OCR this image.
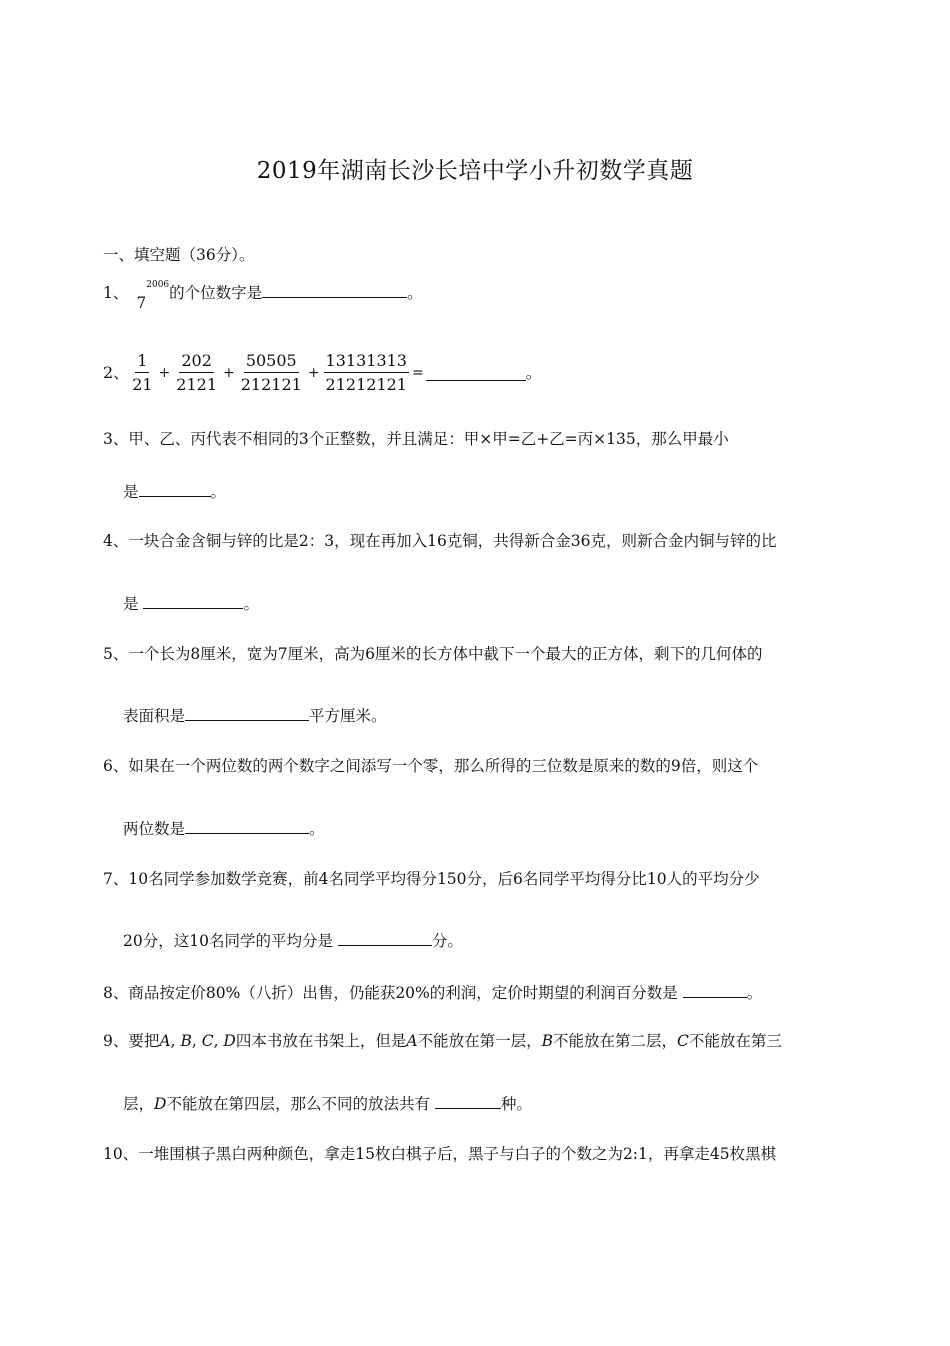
2019年湖南长沙长培中学小升初数学真题
一、填空题（36分）。
1、$7^{2006}$的个位数字是	。
2、 $\frac{1}{21} + \frac{202}{2121} + \frac{50505}{212121} + \frac{13131313}{21212121}$ =	。
3、甲、乙、丙代表不相同的3个正整数，并且满足：甲×甲=乙+乙=丙×135，那么甲最小
是	。
4、一块合金含铜与锌的比是2：3，现在再加入16克铜，共得新合金36克，则新合金内铜与锌的比
是	。
5、一个长为8厘米，宽为7厘米，高为6厘米的长方体中截下一个最大的正方体，剩下的几何体的
表面积是	平方厘米。
6、如果在一个两位数的两个数字之间添写一个零，那么所得的三位数是原来的数的9倍，则这个
两位数是	。
7、10名同学参加数学竞赛，前4名同学平均得分150分，后6名同学平均得分比10人的平均分少
20分，这10名同学的平均分是	分。
8、商品按定价80%（八折）出售，仍能获20%的利润，定价时期望的利润百分数是	。
9、要把A, B, C, D四本书放在书架上，但是A不能放在第一层，B不能放在第二层，C不能放在第三
层，D不能放在第四层，那么不同的放法共有	种。
10、一堆围棋子黑白两种颜色，拿走15枚白棋子后，黑子与白子的个数之为2:1，再拿走45枚黑棋
